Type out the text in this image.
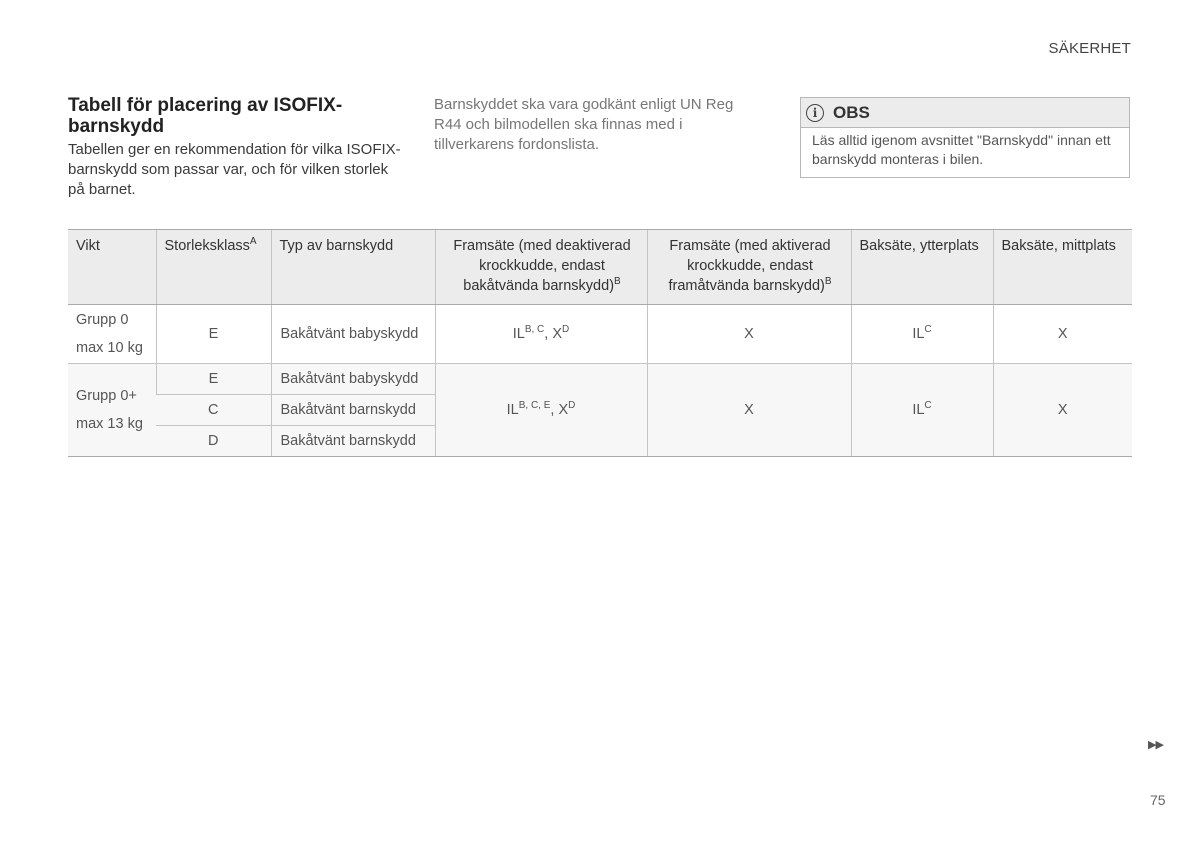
SÄKERHET
Tabell för placering av ISOFIX-barnskydd

Tabellen ger en rekommendation för vilka ISOFIX-barnskydd som passar var, och för vilken storlek på barnet.

Barnskyddet ska vara godkänt enligt UN Reg R44 och bilmodellen ska finnas med i tillverkarens fordonslista.

i OBS
Läs alltid igenom avsnittet "Barnskydd" innan ett barnskydd monteras i bilen.
Vikt	Storleksklass$^A$	Typ av barnskydd	Framsäte (med deaktiverad krockkudde, endast bakåtvända barnskydd)$^B$	Framsäte (med aktiverad krockkudde, endast framåtvända barnskydd)$^B$	Baksäte, ytterplats	Baksäte, mittplats
Grupp 0
max 10 kg	E	Bakåtvänt babyskydd	$IL^{B, C}$, $X^D$	X	$IL^C$	X
Grupp 0+
max 13 kg	E	Bakåtvänt babyskydd	$IL^{B, C, E}$, $X^D$	X	$IL^C$	X
	C	Bakåtvänt barnskydd				
	D	Bakåtvänt barnskydd				
▶▶
75
